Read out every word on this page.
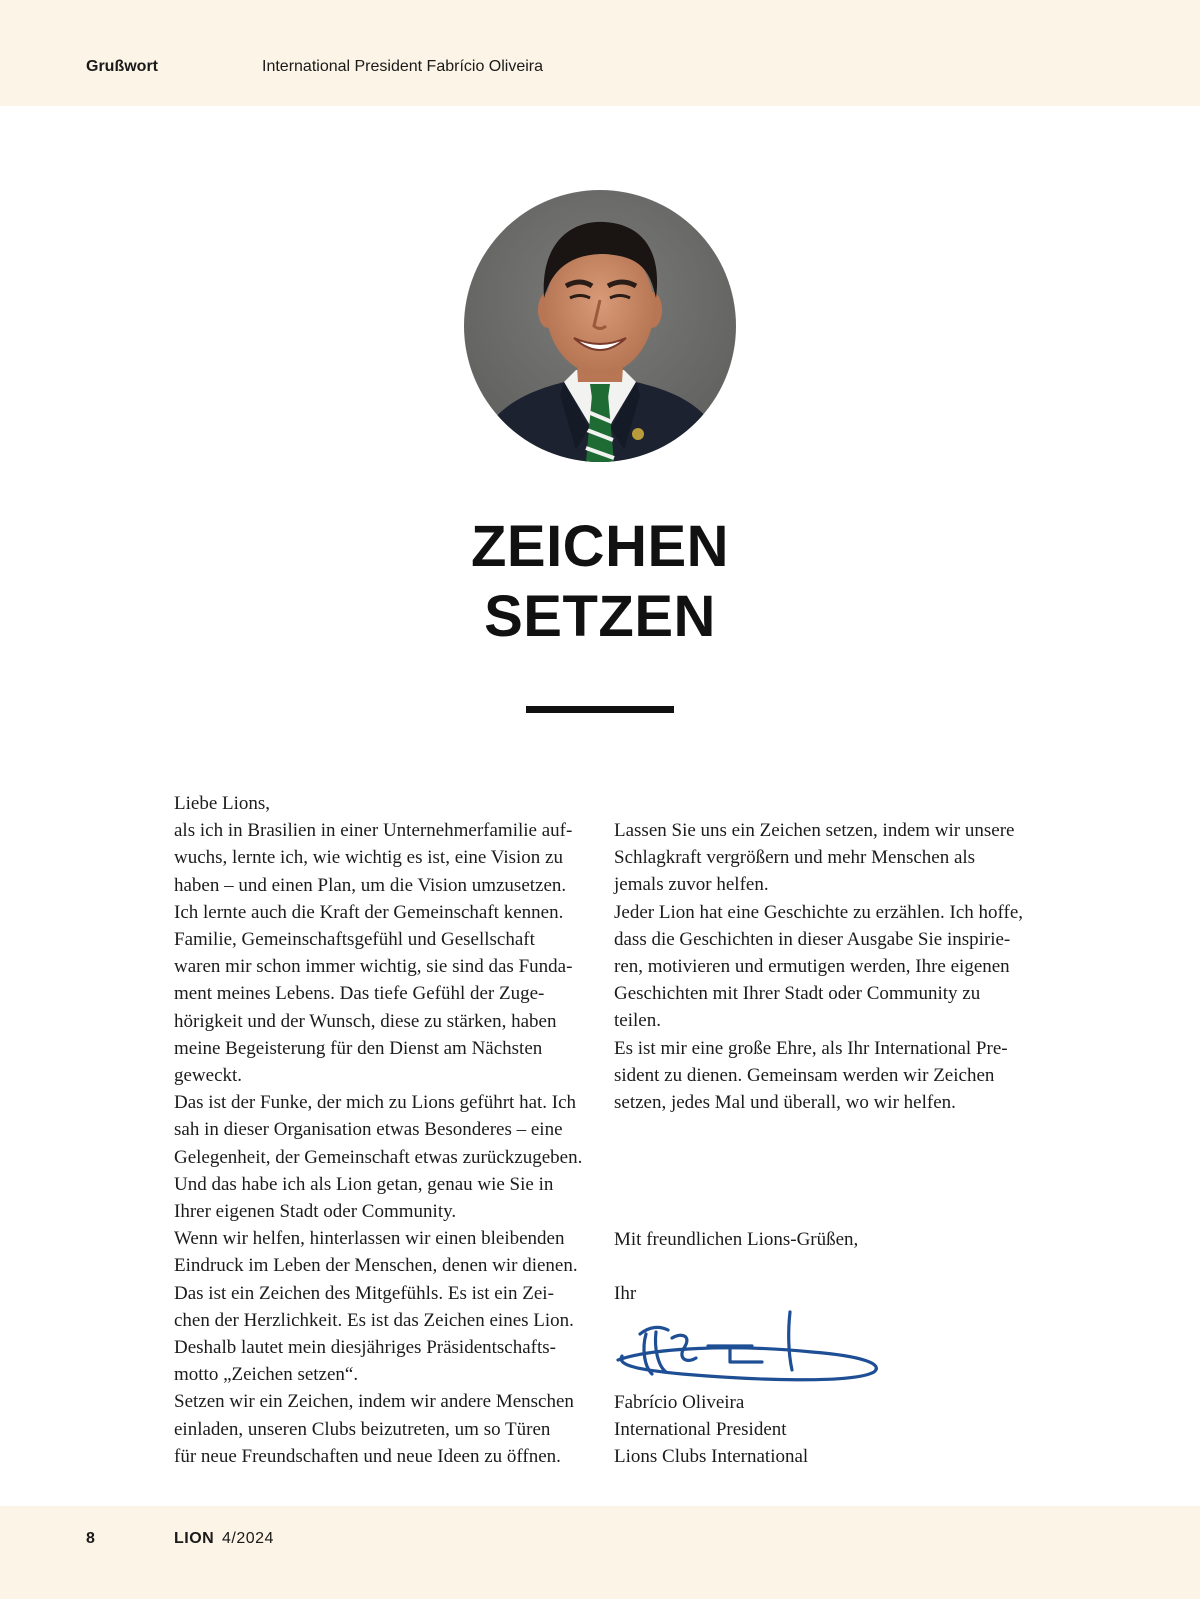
Grußwort	International President Fabrício Oliveira
ZEICHEN
SETZEN

Liebe Lions,

als ich in Brasilien in einer Unternehmerfamilie auf-

wuchs, lernte ich, wie wichtig es ist, eine Vision zu

haben – und einen Plan, um die Vision umzusetzen.

Ich lernte auch die Kraft der Gemeinschaft kennen.

Familie, Gemeinschaftsgefühl und Gesellschaft

waren mir schon immer wichtig, sie sind das Funda-

ment meines Lebens. Das tiefe Gefühl der Zuge-

hörigkeit und der Wunsch, diese zu stärken, haben

meine Begeisterung für den Dienst am Nächsten

geweckt.

Das ist der Funke, der mich zu Lions geführt hat. Ich

sah in dieser Organisation etwas Besonderes – eine

Gelegenheit, der Gemeinschaft etwas zurückzugeben.

Und das habe ich als Lion getan, genau wie Sie in

Ihrer eigenen Stadt oder Community.

Wenn wir helfen, hinterlassen wir einen bleibenden

Eindruck im Leben der Menschen, denen wir dienen.

Das ist ein Zeichen des Mitgefühls. Es ist ein Zei-

chen der Herzlichkeit. Es ist das Zeichen eines Lion.

Deshalb lautet mein diesjähriges Präsidentschafts-

motto „Zeichen setzen“.

Setzen wir ein Zeichen, indem wir andere Menschen

einladen, unseren Clubs beizutreten, um so Türen

für neue Freundschaften und neue Ideen zu öffnen.

Lassen Sie uns ein Zeichen setzen, indem wir unsere

Schlagkraft vergrößern und mehr Menschen als

jemals zuvor helfen.

Jeder Lion hat eine Geschichte zu erzählen. Ich hoffe,

dass die Geschichten in dieser Ausgabe Sie inspirie-

ren, motivieren und ermutigen werden, Ihre eigenen

Geschichten mit Ihrer Stadt oder Community zu

teilen.

Es ist mir eine große Ehre, als Ihr International Pre-

sident zu dienen. Gemeinsam werden wir Zeichen

setzen, jedes Mal und überall, wo wir helfen.

Mit freundlichen Lions-Grüßen,
Ihr
Fabrício Oliveira
International President
Lions Clubs International
8	LION 4/2024
